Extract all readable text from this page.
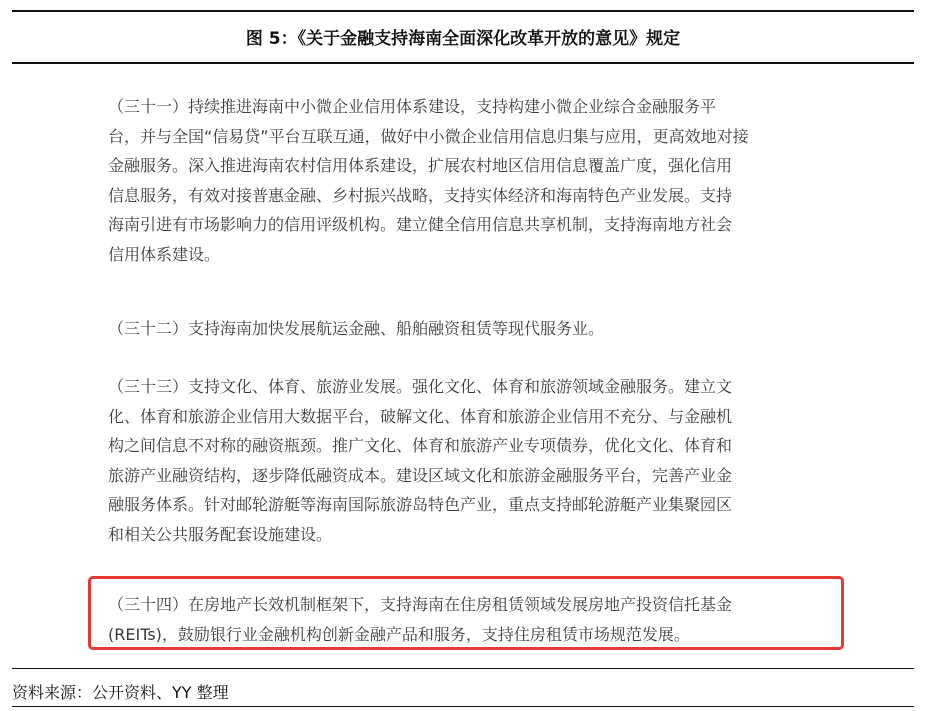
图 5：《关于金融支持海南全面深化改革开放的意见》规定
（三十一）持续推进海南中小微企业信用体系建设，支持构建小微企业综合金融服务平
台，并与全国“信易贷”平台互联互通，做好中小微企业信用信息归集与应用，更高效地对接
金融服务。深入推进海南农村信用体系建设，扩展农村地区信用信息覆盖广度，强化信用
信息服务，有效对接普惠金融、乡村振兴战略，支持实体经济和海南特色产业发展。支持
海南引进有市场影响力的信用评级机构。建立健全信用信息共享机制，支持海南地方社会
信用体系建设。
（三十二）支持海南加快发展航运金融、船舶融资租赁等现代服务业。
（三十三）支持文化、体育、旅游业发展。强化文化、体育和旅游领域金融服务。建立文
化、体育和旅游企业信用大数据平台，破解文化、体育和旅游企业信用不充分、与金融机
构之间信息不对称的融资瓶颈。推广文化、体育和旅游产业专项债券，优化文化、体育和
旅游产业融资结构，逐步降低融资成本。建设区域文化和旅游金融服务平台，完善产业金
融服务体系。针对邮轮游艇等海南国际旅游岛特色产业，重点支持邮轮游艇产业集聚园区
和相关公共服务配套设施建设。
（三十四）在房地产长效机制框架下，支持海南在住房租赁领域发展房地产投资信托基金
(REITs)，鼓励银行业金融机构创新金融产品和服务，支持住房租赁市场规范发展。
资料来源：公开资料、YY 整理
